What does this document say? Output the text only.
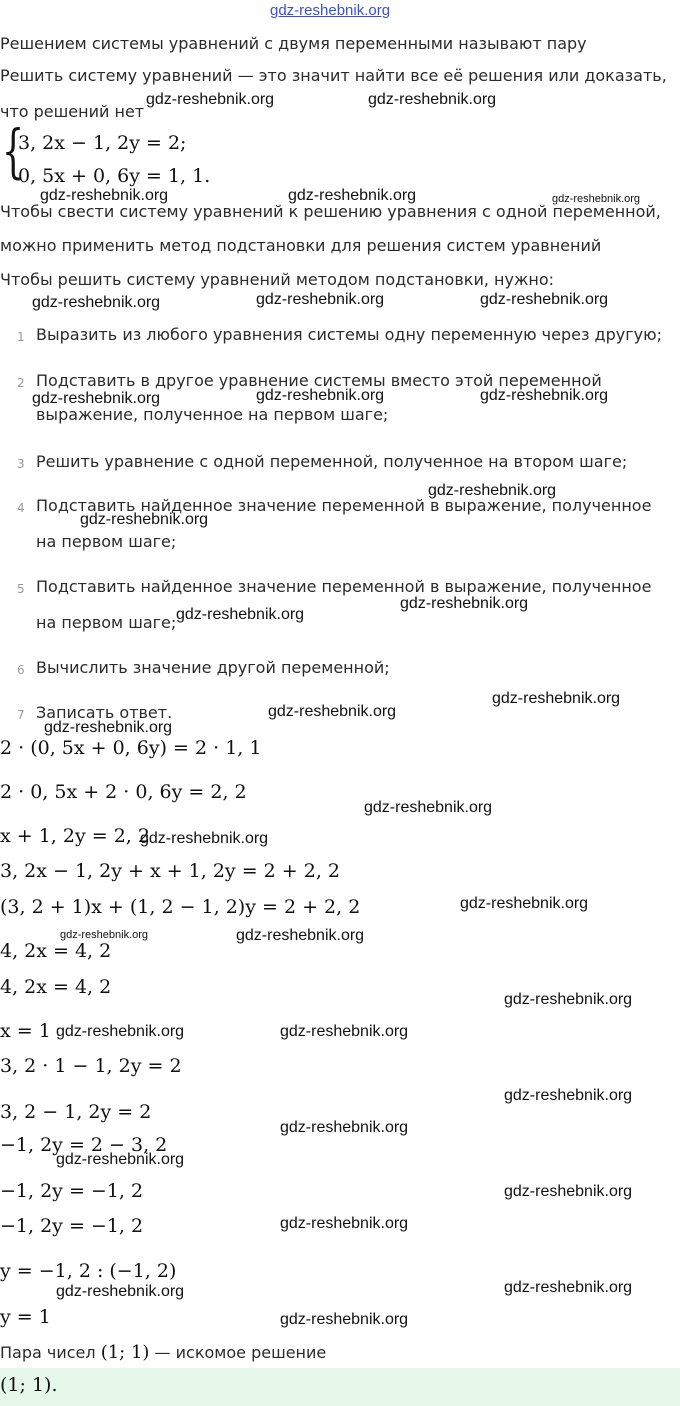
gdz-reshebnik.org
Решением системы уравнений с двумя переменными называют пару
Решить систему уравнений — это значит найти все её решения или доказать,
что решений нет
{
3, 2x − 1, 2y = 2;
0, 5x + 0, 6y = 1, 1.
Чтобы свести систему уравнений к решению уравнения с одной переменной,
можно применить метод подстановки для решения систем уравнений
Чтобы решить систему уравнений методом подстановки, нужно:
1 Выразить из любого уравнения системы одну переменную через другую;
2 Подставить в другое уравнение системы вместо этой переменной
выражение, полученное на первом шаге;
3 Решить уравнение с одной переменной, полученное на втором шаге;
4 Подставить найденное значение переменной в выражение, полученное
на первом шаге;
5 Подставить найденное значение переменной в выражение, полученное
на первом шаге;
6 Вычислить значение другой переменной;
7 Записать ответ.
2 · (0, 5x + 0, 6y) = 2 · 1, 1
2 · 0, 5x + 2 · 0, 6y = 2, 2
x + 1, 2y = 2, 2
3, 2x − 1, 2y + x + 1, 2y = 2 + 2, 2
(3, 2 + 1)x + (1, 2 − 1, 2)y = 2 + 2, 2
4, 2x = 4, 2
4, 2x = 4, 2
x = 1
3, 2 · 1 − 1, 2y = 2
3, 2 − 1, 2y = 2
−1, 2y = 2 − 3, 2
−1, 2y = −1, 2
−1, 2y = −1, 2
y = −1, 2 : (−1, 2)
y = 1
Пара чисел (1; 1) — искомое решение
(1; 1).
gdz-reshebnik.org	gdz-reshebnik.org
gdz-reshebnik.org	gdz-reshebnik.org	gdz-reshebnik.org
gdz-reshebnik.org	gdz-reshebnik.org	gdz-reshebnik.org
gdz-reshebnik.org	gdz-reshebnik.org	gdz-reshebnik.org
gdz-reshebnik.org
gdz-reshebnik.org
gdz-reshebnik.org
gdz-reshebnik.org
gdz-reshebnik.org
gdz-reshebnik.org
gdz-reshebnik.org
gdz-reshebnik.org
gdz-reshebnik.org
gdz-reshebnik.org
gdz-reshebnik.org	gdz-reshebnik.org
gdz-reshebnik.org
gdz-reshebnik.org	gdz-reshebnik.org
gdz-reshebnik.org
gdz-reshebnik.org
gdz-reshebnik.org
gdz-reshebnik.org
gdz-reshebnik.org
gdz-reshebnik.org
gdz-reshebnik.org
gdz-reshebnik.org
